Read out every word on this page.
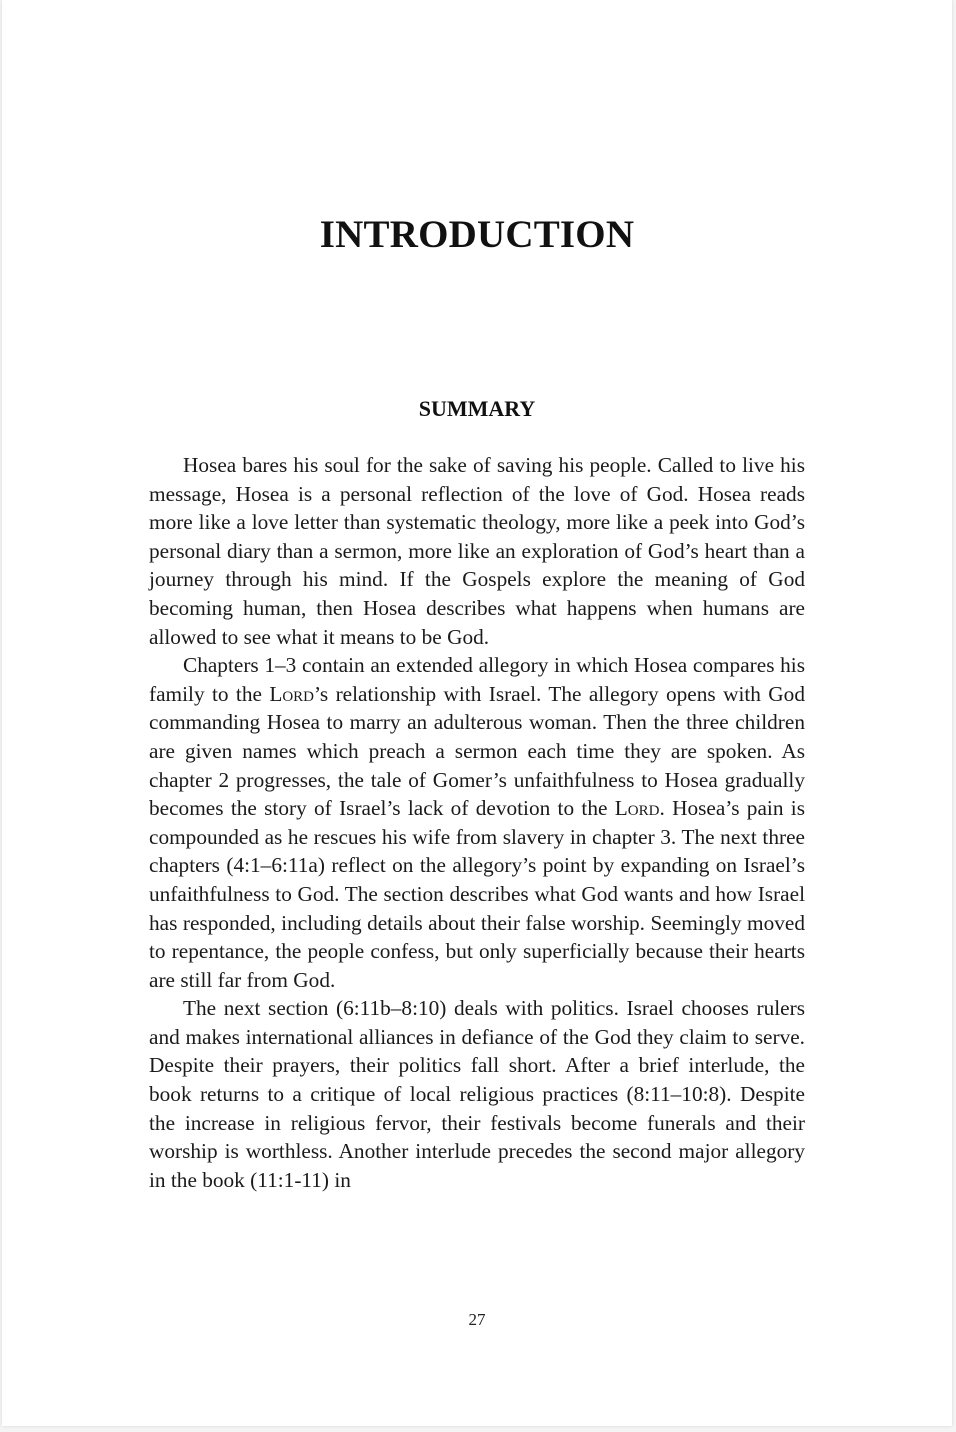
INTRODUCTION
SUMMARY

Hosea bares his soul for the sake of saving his people. Called to live his message, Hosea is a personal reflection of the love of God. Hosea reads more like a love letter than systematic theology, more like a peek into God’s personal diary than a sermon, more like an exploration of God’s heart than a journey through his mind. If the Gospels explore the meaning of God becoming human, then Hosea describes what happens when humans are allowed to see what it means to be God.

Chapters 1–3 contain an extended allegory in which Hosea compares his family to the Lord’s relationship with Israel. The allegory opens with God commanding Hosea to marry an adulterous woman. Then the three children are given names which preach a sermon each time they are spoken. As chapter 2 progresses, the tale of Gomer’s unfaithfulness to Hosea gradually becomes the story of Israel’s lack of devotion to the Lord. Hosea’s pain is compounded as he rescues his wife from slavery in chapter 3. The next three chapters (4:1–6:11a) reflect on the allegory’s point by expanding on Israel’s unfaithfulness to God. The section describes what God wants and how Israel has responded, including details about their false worship. Seemingly moved to repentance, the people confess, but only superficially because their hearts are still far from God.

The next section (6:11b–8:10) deals with politics. Israel chooses rulers and makes international alliances in defiance of the God they claim to serve. Despite their prayers, their politics fall short. After a brief interlude, the book returns to a critique of local religious practices (8:11–10:8). Despite the increase in religious fervor, their festivals become funerals and their worship is worthless. Another interlude precedes the second major allegory in the book (11:1-11) in

27
